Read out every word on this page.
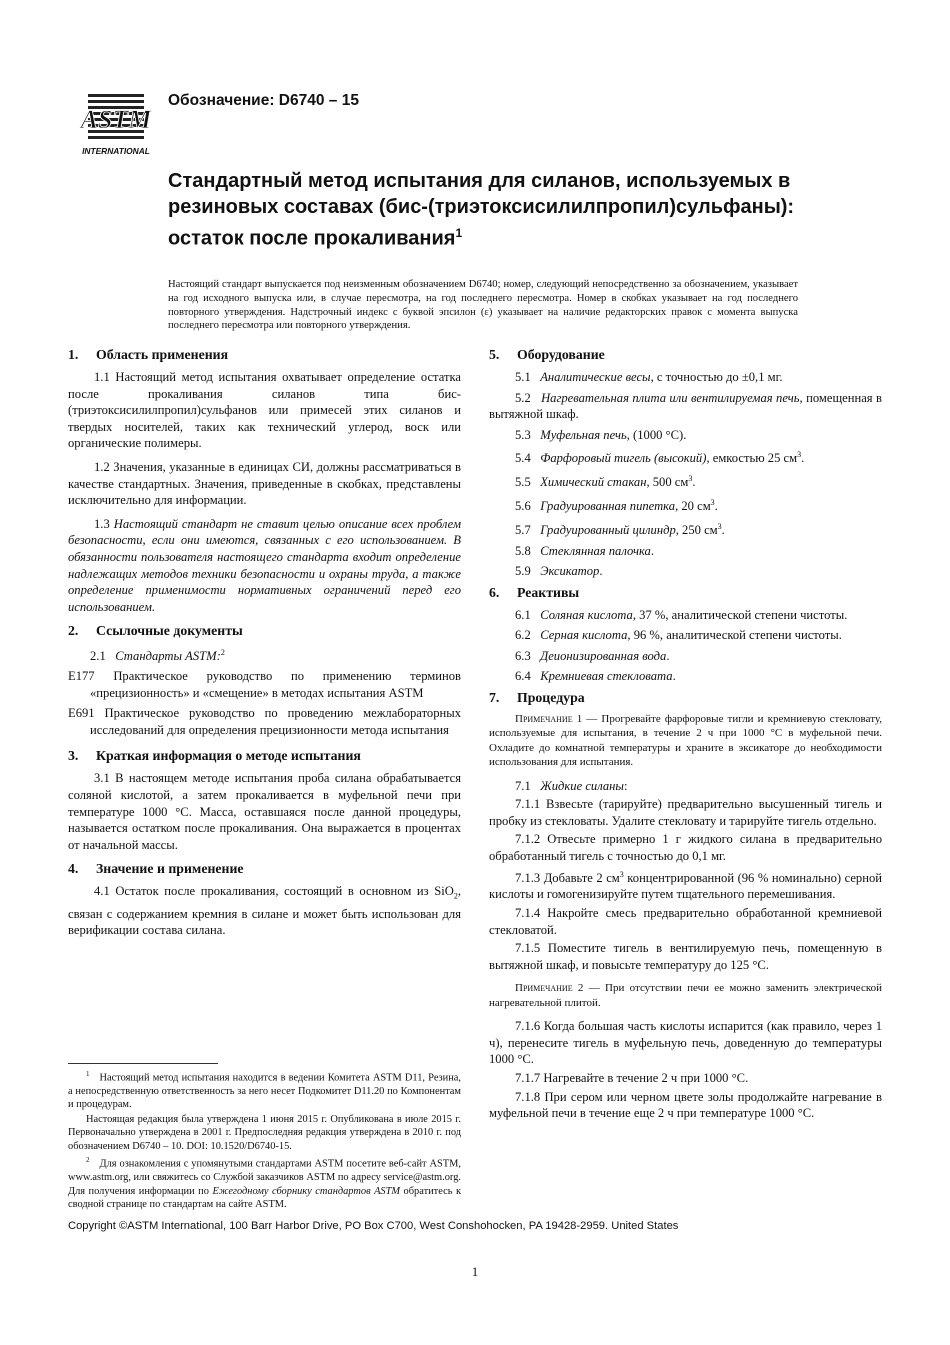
ASTM
INTERNATIONAL
Обозначение: D6740 – 15
Стандартный метод испытания для силанов, используемых в резиновых составах (бис-(триэтоксисилилпропил)сульфаны): остаток после прокаливания$^1$

Настоящий стандарт выпускается под неизменным обозначением D6740; номер, следующий непосредственно за обозначением, указывает на год исходного выпуска или, в случае пересмотра, на год последнего пересмотра. Номер в скобках указывает на год последнего повторного утверждения. Надстрочный индекс с буквой эпсилон (ε) указывает на наличие редакторских правок с момента выпуска последнего пересмотра или повторного утверждения.

1. Область применения

1.1 Настоящий метод испытания охватывает определение остатка после прокаливания силанов типа бис-(триэтоксисилилпропил)сульфанов или примесей этих силанов и твердых носителей, таких как технический углерод, воск или органические полимеры.

1.2 Значения, указанные в единицах СИ, должны рассматриваться в качестве стандартных. Значения, приведенные в скобках, представлены исключительно для информации.

1.3 Настоящий стандарт не ставит целью описание всех проблем безопасности, если они имеются, связанных с его использованием. В обязанности пользователя настоящего стандарта входит определение надлежащих методов техники безопасности и охраны труда, а также определение применимости нормативных ограничений перед его использованием.

2. Ссылочные документы
2.1 Стандарты ASTM:$^2$

E177 Практическое руководство по применению терминов «прецизионность» и «смещение» в методах испытания ASTM

E691 Практическое руководство по проведению межлабораторных исследований для определения прецизионности метода испытания

3. Краткая информация о методе испытания

3.1 В настоящем методе испытания проба силана обрабатывается соляной кислотой, а затем прокаливается в муфельной печи при температуре 1000 °C. Масса, оставшаяся после данной процедуры, называется остатком после прокаливания. Она выражается в процентах от начальной массы.

4. Значение и применение

4.1 Остаток после прокаливания, состоящий в основном из SiO$_2$, связан с содержанием кремния в силане и может быть использован для верификации состава силана.

$^1$ Настоящий метод испытания находится в ведении Комитета ASTM D11, Резина, а непосредственную ответственность за него несет Подкомитет D11.20 по Компонентам и процедурам.

Настоящая редакция была утверждена 1 июня 2015 г. Опубликована в июле 2015 г. Первоначально утверждена в 2001 г. Предпоследняя редакция утверждена в 2010 г. под обозначением D6740 – 10. DOI: 10.1520/D6740-15.

$^2$ Для ознакомления с упомянутыми стандартами ASTM посетите веб-сайт ASTM, www.astm.org, или свяжитесь со Службой заказчиков ASTM по адресу service@astm.org. Для получения информации по Ежегодному сборнику стандартов ASTM обратитесь к сводной странице по стандартам на сайте ASTM.

5. Оборудование

5.1 Аналитические весы, с точностью до ±0,1 мг.

5.2 Нагревательная плита или вентилируемая печь, помещенная в вытяжной шкаф.

5.3 Муфельная печь, (1000 °C).

5.4 Фарфоровый тигель (высокий), емкостью 25 $см^3$.

5.5 Химический стакан, 500 $см^3$.

5.6 Градуированная пипетка, 20 $см^3$.

5.7 Градуированный цилиндр, 250 $см^3$.

5.8 Стеклянная палочка.

5.9 Эксикатор.

6. Реактивы

6.1 Соляная кислота, 37 %, аналитической степени чистоты.

6.2 Серная кислота, 96 %, аналитической степени чистоты.

6.3 Деионизированная вода.

6.4 Кремниевая стекловата.

7. Процедура

Примечание 1 — Прогревайте фарфоровые тигли и кремниевую стекловату, используемые для испытания, в течение 2 ч при 1000 °C в муфельной печи. Охладите до комнатной температуры и храните в эксикаторе до необходимости использования для испытания.

7.1 Жидкие силаны:

7.1.1 Взвесьте (тарируйте) предварительно высушенный тигель и пробку из стекловаты. Удалите стекловату и тарируйте тигель отдельно.

7.1.2 Отвесьте примерно 1 г жидкого силана в предварительно обработанный тигель с точностью до 0,1 мг.

7.1.3 Добавьте 2 $см^3$ концентрированной (96 % номинально) серной кислоты и гомогенизируйте путем тщательного перемешивания.

7.1.4 Накройте смесь предварительно обработанной кремниевой стекловатой.

7.1.5 Поместите тигель в вентилируемую печь, помещенную в вытяжной шкаф, и повысьте температуру до 125 °C.

Примечание 2 — При отсутствии печи ее можно заменить электрической нагревательной плитой.

7.1.6 Когда большая часть кислоты испарится (как правило, через 1 ч), перенесите тигель в муфельную печь, доведенную до температуры 1000 °C.

7.1.7 Нагревайте в течение 2 ч при 1000 °C.

7.1.8 При сером или черном цвете золы продолжайте нагревание в муфельной печи в течение еще 2 ч при температуре 1000 °C.

Copyright ©ASTM International, 100 Barr Harbor Drive, PO Box C700, West Conshohocken, PA 19428-2959. United States
1
